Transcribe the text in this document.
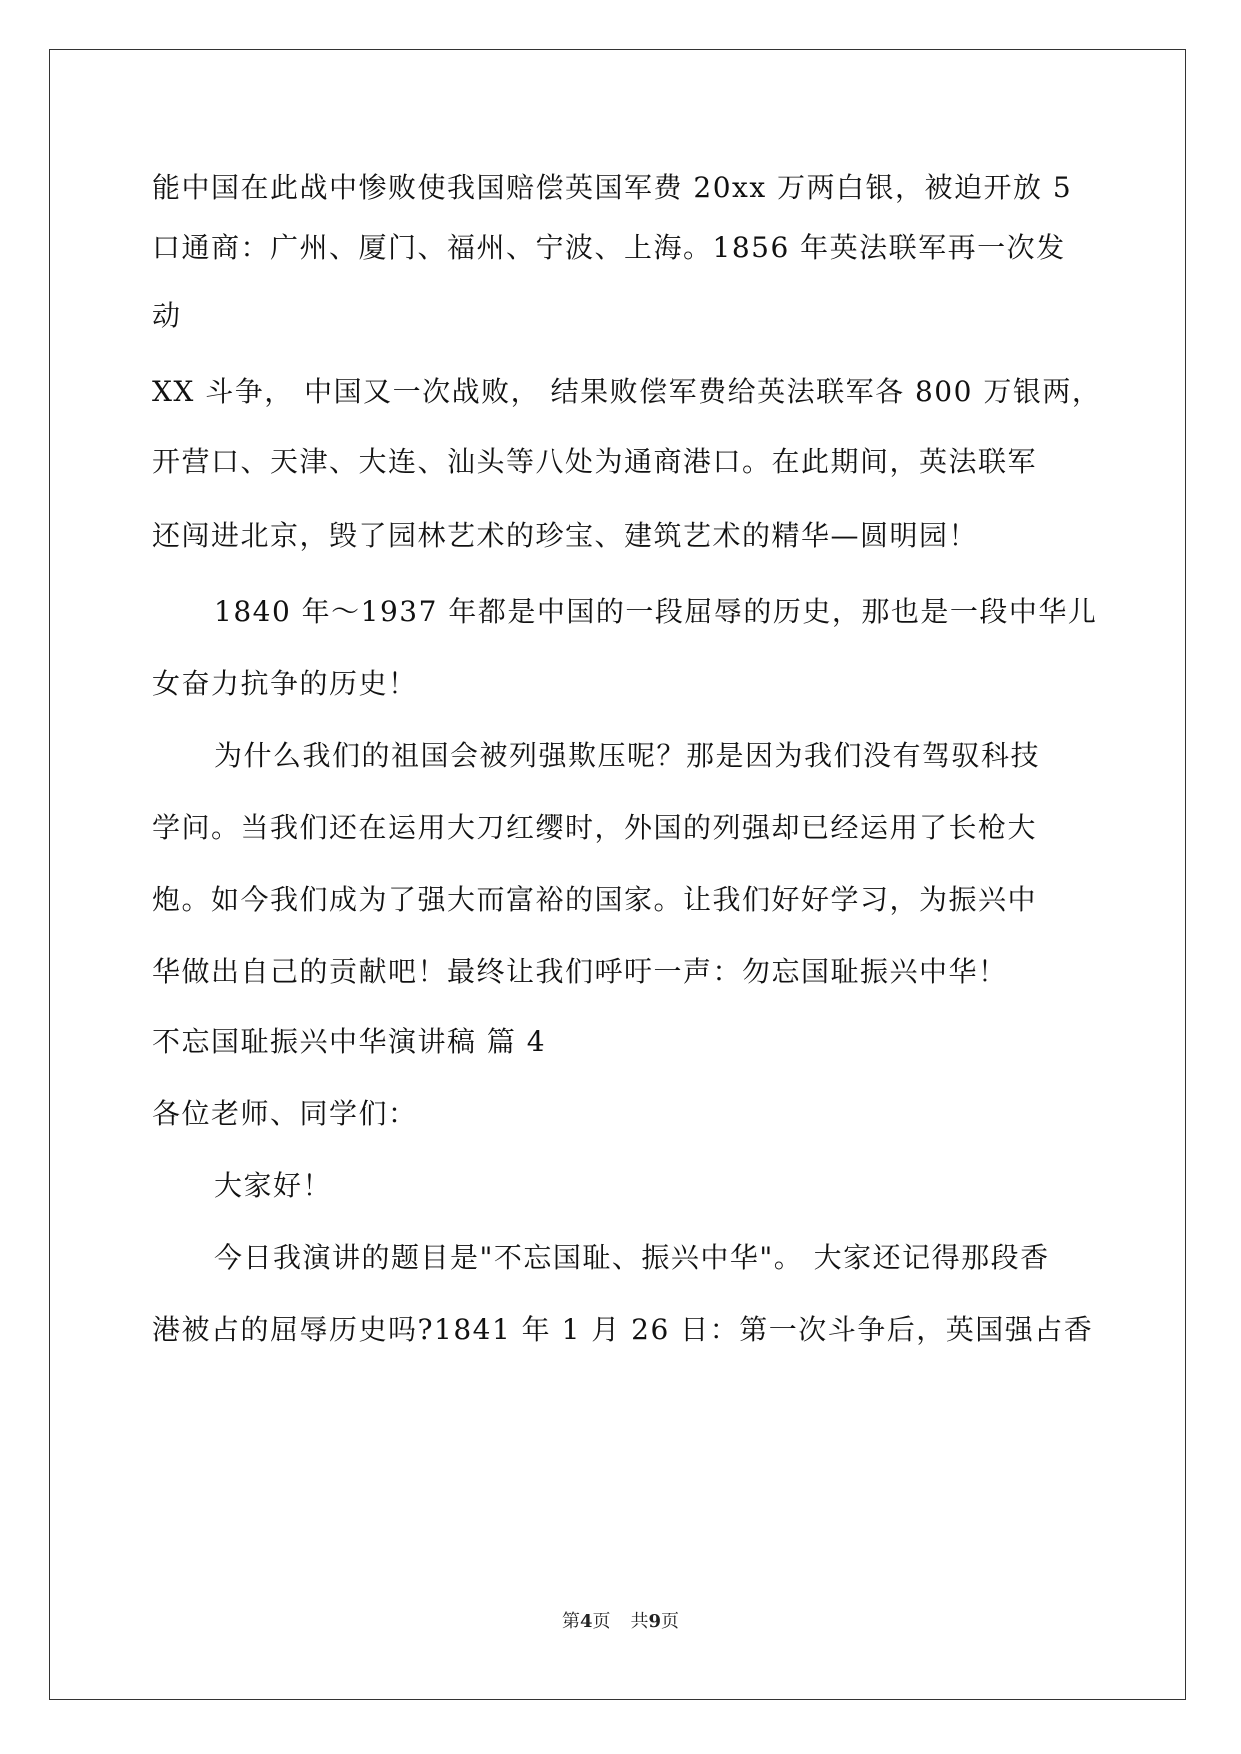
能中国在此战中惨败使我国赔偿英国军费 20xx 万两白银，被迫开放 5
口通商：广州、厦门、福州、宁波、上海。1856 年英法联军再一次发
动
XX 斗争， 中国又一次战败， 结果败偿军费给英法联军各 800 万银两，
开营口、天津、大连、汕头等八处为通商港口。在此期间，英法联军
还闯进北京，毁了园林艺术的珍宝、建筑艺术的精华—圆明园！
1840 年～1937 年都是中国的一段屈辱的历史，那也是一段中华儿
女奋力抗争的历史！
为什么我们的祖国会被列强欺压呢？那是因为我们没有驾驭科技
学问。当我们还在运用大刀红缨时，外国的列强却已经运用了长枪大
炮。如今我们成为了强大而富裕的国家。让我们好好学习，为振兴中
华做出自己的贡献吧！最终让我们呼吁一声：勿忘国耻振兴中华！
不忘国耻振兴中华演讲稿 篇 4
各位老师、同学们：
大家好！
今日我演讲的题目是"不忘国耻、振兴中华"。 大家还记得那段香
港被占的屈辱历史吗?1841 年 1 月 26 日：第一次斗争后，英国强占香
第4页 共9页
